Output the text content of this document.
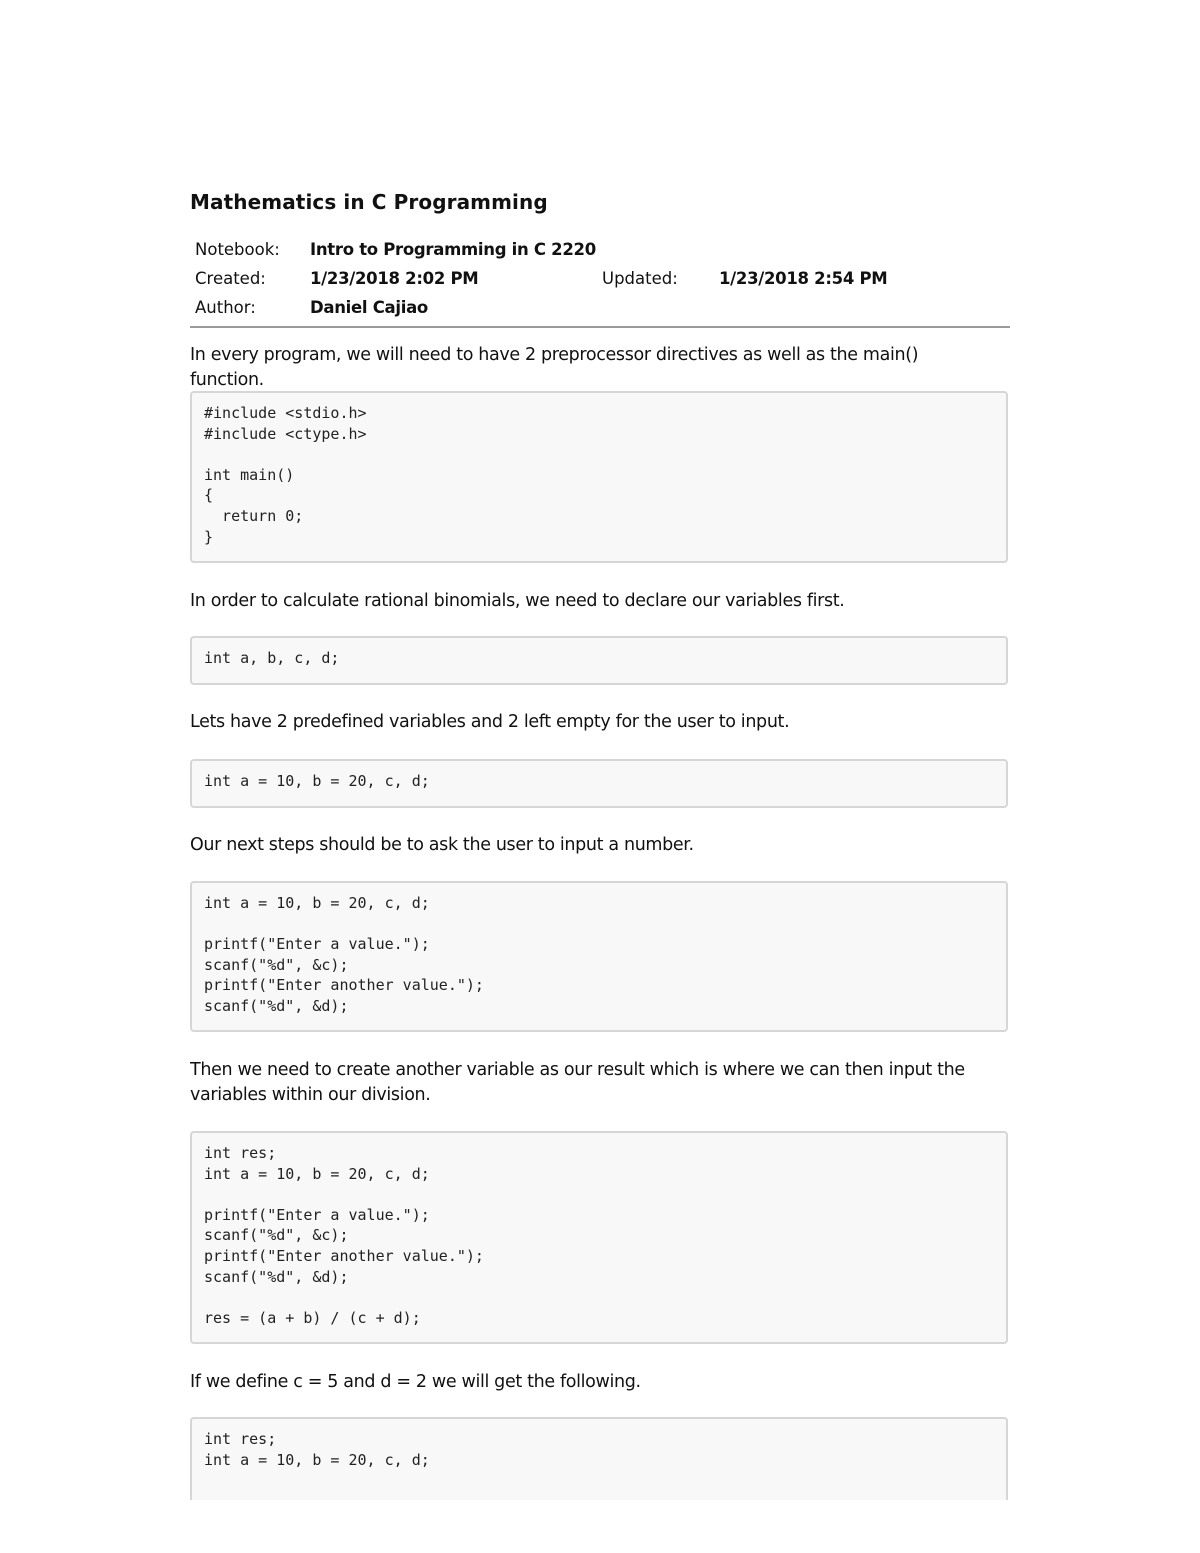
Mathematics in C Programming
Notebook: Intro to Programming in C 2220
Created:	1/23/2018 2:02 PM	Updated: 1/23/2018 2:54 PM
Author:	Daniel Cajiao
In every program, we will need to have 2 preprocessor directives as well as the main() function.
#include <stdio.h>
#include <ctype.h>
int main()
{
return 0;
}
In order to calculate rational binomials, we need to declare our variables first.
int a, b, c, d;
Lets have 2 predefined variables and 2 left empty for the user to input.
int a = 10, b = 20, c, d;
Our next steps should be to ask the user to input a number.
int a = 10, b = 20, c, d;
printf("Enter a value.");
scanf("%d", &c);
printf("Enter another value.");
scanf("%d", &d);
Then we need to create another variable as our result which is where we can then input the variables within our division.
int res;
int a = 10, b = 20, c, d;
printf("Enter a value.");
scanf("%d", &c);
printf("Enter another value.");
scanf("%d", &d);
res = (a + b) / (c + d);
If we define c = 5 and d = 2 we will get the following.
int res;
int a = 10, b = 20, c, d;
